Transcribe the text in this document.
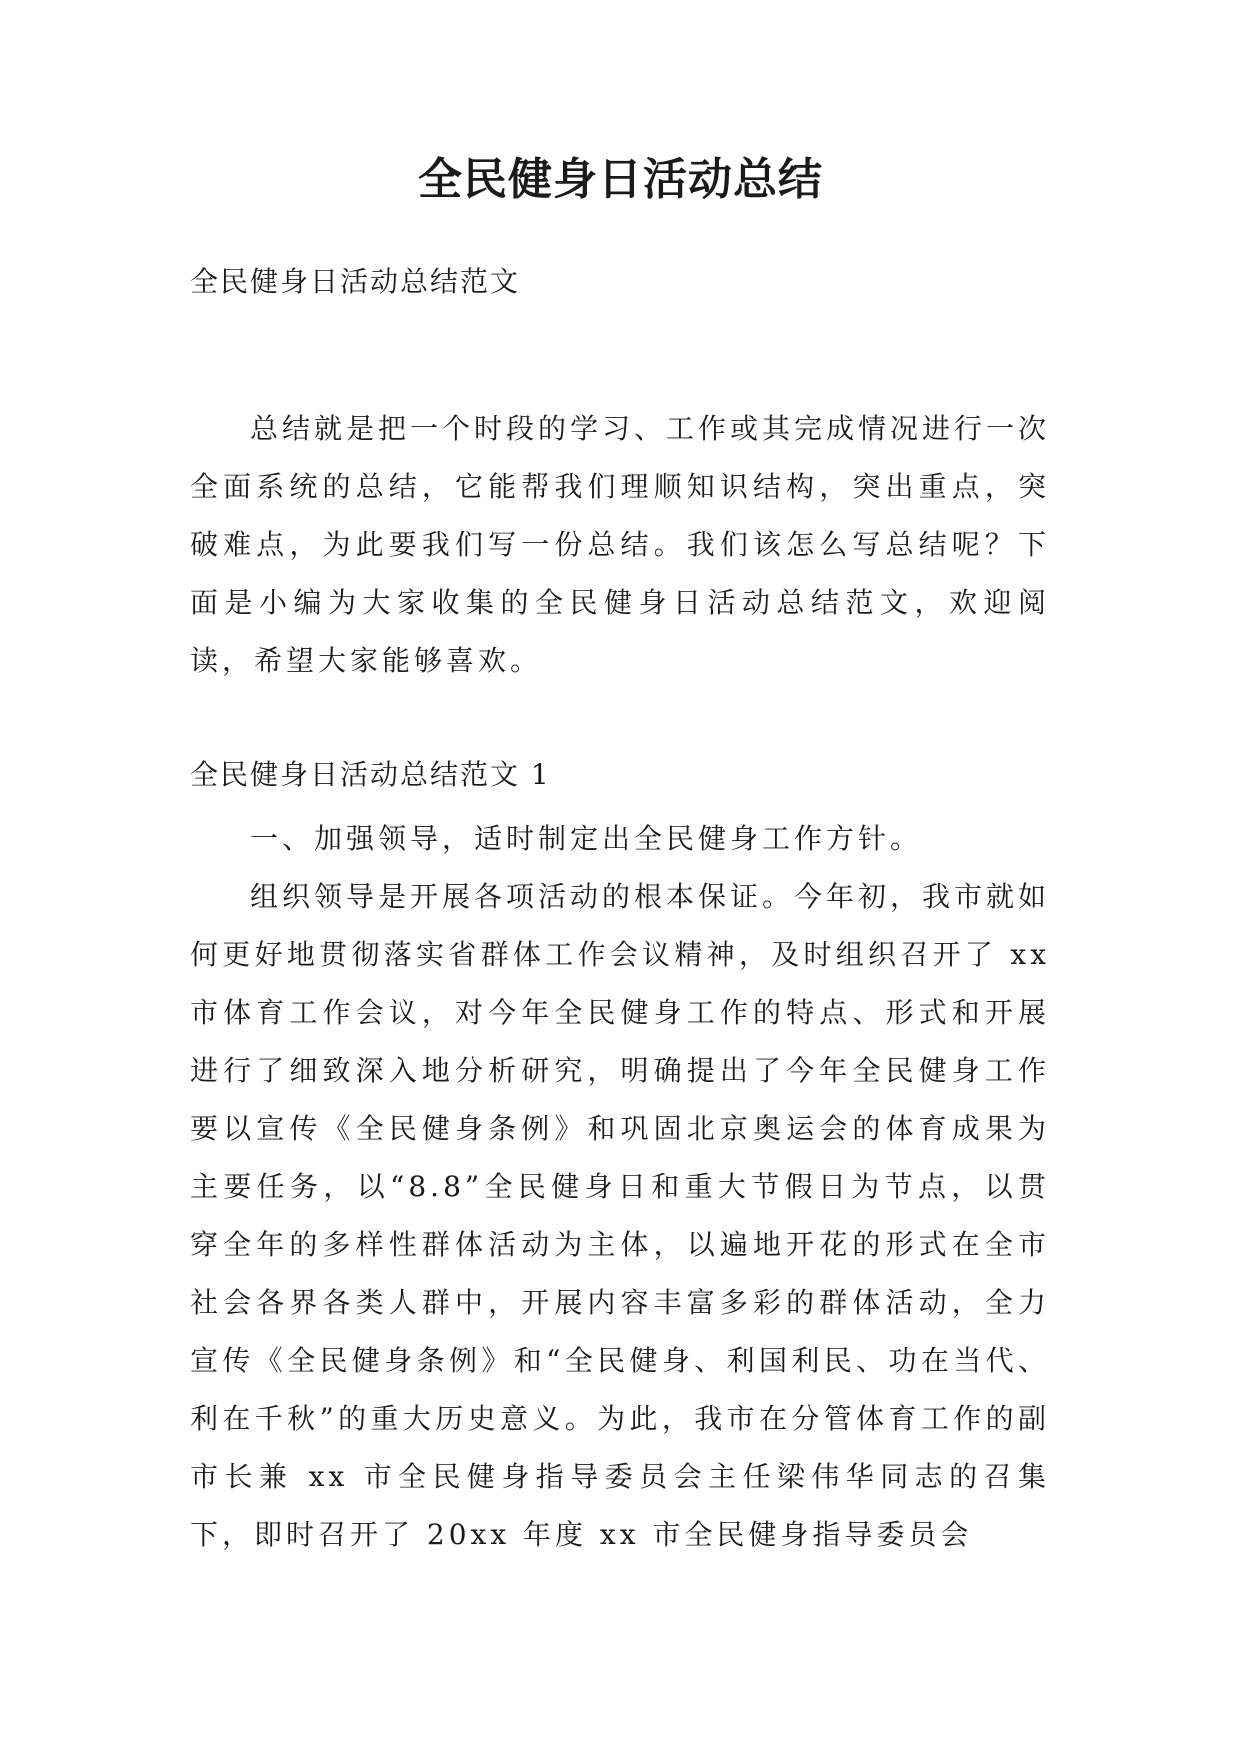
全民健身日活动总结
全民健身日活动总结范文

总结就是把一个时段的学习、工作或其完成情况进行一次全面系统的总结，它能帮我们理顺知识结构，突出重点，突破难点，为此要我们写一份总结。我们该怎么写总结呢？下面是小编为大家收集的全民健身日活动总结范文，欢迎阅读，希望大家能够喜欢。

全民健身日活动总结范文 1

一、加强领导，适时制定出全民健身工作方针。

组织领导是开展各项活动的根本保证。今年初，我市就如何更好地贯彻落实省群体工作会议精神，及时组织召开了 xx 市体育工作会议，对今年全民健身工作的特点、形式和开展进行了细致深入地分析研究，明确提出了今年全民健身工作要以宣传《全民健身条例》和巩固北京奥运会的体育成果为主要任务，以“8.8”全民健身日和重大节假日为节点，以贯穿全年的多样性群体活动为主体，以遍地开花的形式在全市社会各界各类人群中，开展内容丰富多彩的群体活动，全力宣传《全民健身条例》和“全民健身、利国利民、功在当代、利在千秋”的重大历史意义。为此，我市在分管体育工作的副市长兼 xx 市全民健身指导委员会主任梁伟华同志的召集下，即时召开了 20xx 年度 xx 市全民健身指导委员会
